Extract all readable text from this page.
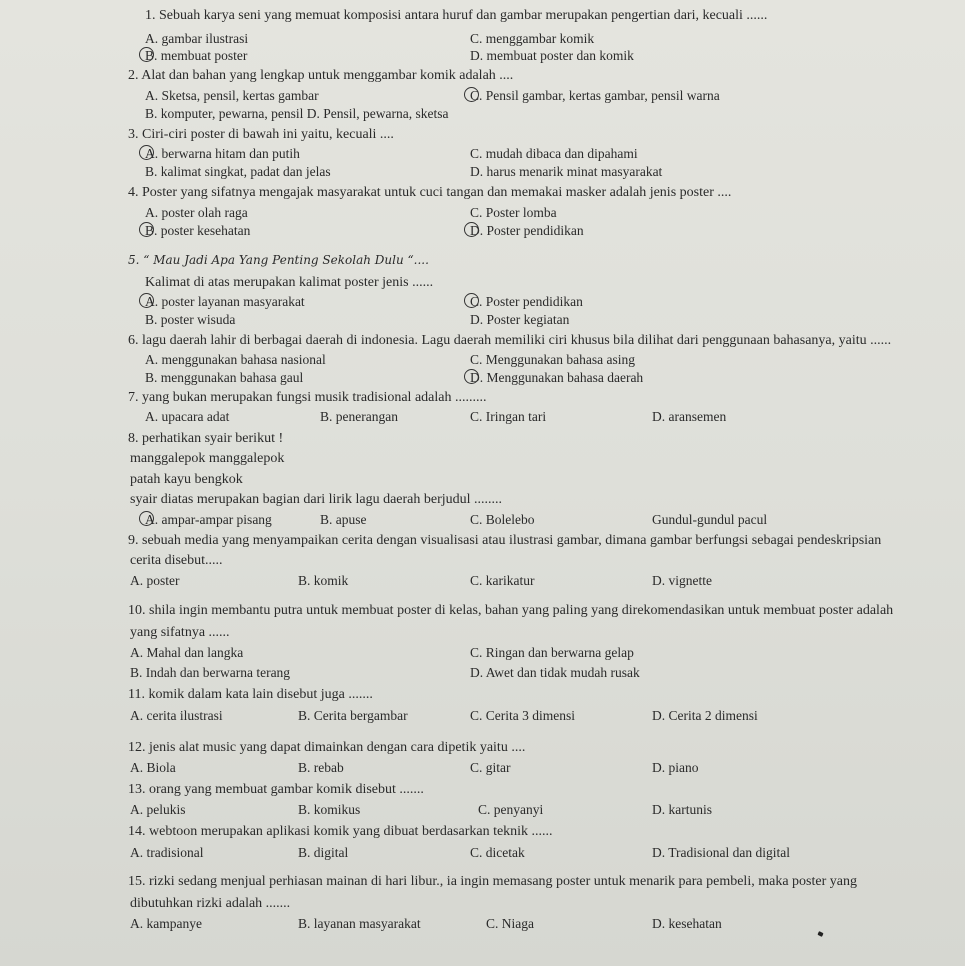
1. Sebuah karya seni yang memuat komposisi antara huruf dan gambar merupakan pengertian dari, kecuali ......
A. gambar ilustrasi	C. menggambar komik
B. membuat poster	D. membuat poster dan komik
2. Alat dan bahan yang lengkap untuk menggambar komik adalah ....
A. Sketsa, pensil, kertas gambar	C. Pensil gambar, kertas gambar, pensil warna
B. komputer, pewarna, pensil D. Pensil, pewarna, sketsa
3. Ciri-ciri poster di bawah ini yaitu, kecuali ....
A. berwarna hitam dan putih	C. mudah dibaca dan dipahami
B. kalimat singkat, padat dan jelas	D. harus menarik minat masyarakat
4. Poster yang sifatnya mengajak masyarakat untuk cuci tangan dan memakai masker adalah jenis poster ....
A. poster olah raga	C. Poster lomba
B. poster kesehatan	D. Poster pendidikan
5. “ Mau Jadi Apa Yang Penting Sekolah Dulu “....
Kalimat di atas merupakan kalimat poster jenis ......
A. poster layanan masyarakat	C. Poster pendidikan
B. poster wisuda	D. Poster kegiatan
6. lagu daerah lahir di berbagai daerah di indonesia. Lagu daerah memiliki ciri khusus bila dilihat dari penggunaan bahasanya, yaitu ......
A. menggunakan bahasa nasional	C. Menggunakan bahasa asing
B. menggunakan bahasa gaul	D. Menggunakan bahasa daerah
7. yang bukan merupakan fungsi musik tradisional adalah .........
A. upacara adat	B. penerangan	C. Iringan tari	D. aransemen
8. perhatikan syair berikut !
manggalepok manggalepok
patah kayu bengkok
syair diatas merupakan bagian dari lirik lagu daerah berjudul ........
A. ampar-ampar pisang	B. apuse	C. Bolelebo	Gundul-gundul pacul
9. sebuah media yang menyampaikan cerita dengan visualisasi atau ilustrasi gambar, dimana gambar berfungsi sebagai pendeskripsian
cerita disebut.....
A. poster	B. komik	C. karikatur	D. vignette
10. shila ingin membantu putra untuk membuat poster di kelas, bahan yang paling yang direkomendasikan untuk membuat poster adalah
yang sifatnya ......
A. Mahal dan langka	C. Ringan dan berwarna gelap
B. Indah dan berwarna terang	D. Awet dan tidak mudah rusak
11. komik dalam kata lain disebut juga .......
A. cerita ilustrasi	B. Cerita bergambar	C. Cerita 3 dimensi	D. Cerita 2 dimensi
12. jenis alat music yang dapat dimainkan dengan cara dipetik yaitu ....
A. Biola	B. rebab	C. gitar	D. piano
13. orang yang membuat gambar komik disebut .......
A. pelukis	B. komikus	C. penyanyi	D. kartunis
14. webtoon merupakan aplikasi komik yang dibuat berdasarkan teknik ......
A. tradisional	B. digital	C. dicetak	D. Tradisional dan digital
15. rizki sedang menjual perhiasan mainan di hari libur., ia ingin memasang poster untuk menarik para pembeli, maka poster yang
dibutuhkan rizki adalah .......
A. kampanye	B. layanan masyarakat	C. Niaga	D. kesehatan
